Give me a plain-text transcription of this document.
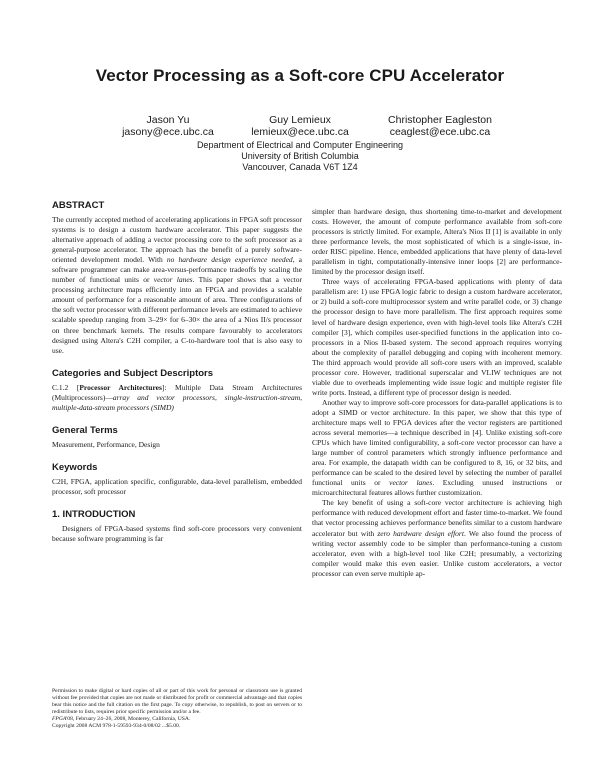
Vector Processing as a Soft-core CPU Accelerator
Jason Yu
jasony@ece.ubc.ca
Guy Lemieux
lemieux@ece.ubc.ca
Christopher Eagleston
ceaglest@ece.ubc.ca
Department of Electrical and Computer Engineering
University of British Columbia
Vancouver, Canada V6T 1Z4
ABSTRACT

The currently accepted method of accelerating applications in FPGA soft processor systems is to design a custom hardware accelerator. This paper suggests the alternative approach of adding a vector processing core to the soft processor as a general-purpose accelerator. The approach has the benefit of a purely software-oriented development model. With no hardware design experience needed, a software programmer can make area-versus-performance tradeoffs by scaling the number of functional units or vector lanes. This paper shows that a vector processing architecture maps efficiently into an FPGA and provides a scalable amount of performance for a reasonable amount of area. Three configurations of the soft vector processor with different performance levels are estimated to achieve scalable speedup ranging from 3–29× for 6–30× the area of a Nios II/s processor on three benchmark kernels. The results compare favourably to accelerators designed using Altera's C2H compiler, a C-to-hardware tool that is also easy to use.

Categories and Subject Descriptors

C.1.2 [Processor Architectures]: Multiple Data Stream Architectures (Multiprocessors)—array and vector processors, single-instruction-stream, multiple-data-stream processors (SIMD)

General Terms

Measurement, Performance, Design

Keywords

C2H, FPGA, application specific, configurable, data-level parallelism, embedded processor, soft processor

1. INTRODUCTION

Designers of FPGA-based systems find soft-core processors very convenient because software programming is far

Permission to make digital or hard copies of all or part of this work for personal or classroom use is granted without fee provided that copies are not made or distributed for profit or commercial advantage and that copies bear this notice and the full citation on the first page. To copy otherwise, to republish, to post on servers or to redistribute to lists, requires prior specific permission and/or a fee.

FPGA'08, February 24–26, 2008, Monterey, California, USA.

Copyright 2008 ACM 978-1-59593-934-0/08/02 ...$5.00.

simpler than hardware design, thus shortening time-to-market and development costs. However, the amount of compute performance available from soft-core processors is strictly limited. For example, Altera's Nios II [1] is available in only three performance levels, the most sophisticated of which is a single-issue, in-order RISC pipeline. Hence, embedded applications that have plenty of data-level parallelism in tight, computationally-intensive inner loops [2] are performance-limited by the processor design itself.

Three ways of accelerating FPGA-based applications with plenty of data parallelism are: 1) use FPGA logic fabric to design a custom hardware accelerator, or 2) build a soft-core multiprocessor system and write parallel code, or 3) change the processor design to have more parallelism. The first approach requires some level of hardware design experience, even with high-level tools like Altera's C2H compiler [3], which compiles user-specified functions in the application into co-processors in a Nios II-based system. The second approach requires worrying about the complexity of parallel debugging and coping with incoherent memory. The third approach would provide all soft-core users with an improved, scalable processor core. However, traditional superscalar and VLIW techniques are not viable due to overheads implementing wide issue logic and multiple register file write ports. Instead, a different type of processor design is needed.

Another way to improve soft-core processors for data-parallel applications is to adopt a SIMD or vector architecture. In this paper, we show that this type of architecture maps well to FPGA devices after the vector registers are partitioned across several memories—a technique described in [4]. Unlike existing soft-core CPUs which have limited configurability, a soft-core vector processor can have a large number of control parameters which strongly influence performance and area. For example, the datapath width can be configured to 8, 16, or 32 bits, and performance can be scaled to the desired level by selecting the number of parallel functional units or vector lanes. Excluding unused instructions or microarchitectural features allows further customization.

The key benefit of using a soft-core vector architecture is achieving high performance with reduced development effort and faster time-to-market. We found that vector processing achieves performance benefits similar to a custom hardware accelerator but with zero hardware design effort. We also found the process of writing vector assembly code to be simpler than performance-tuning a custom accelerator, even with a high-level tool like C2H; presumably, a vectorizing compiler would make this even easier. Unlike custom accelerators, a vector processor can even serve multiple ap-
